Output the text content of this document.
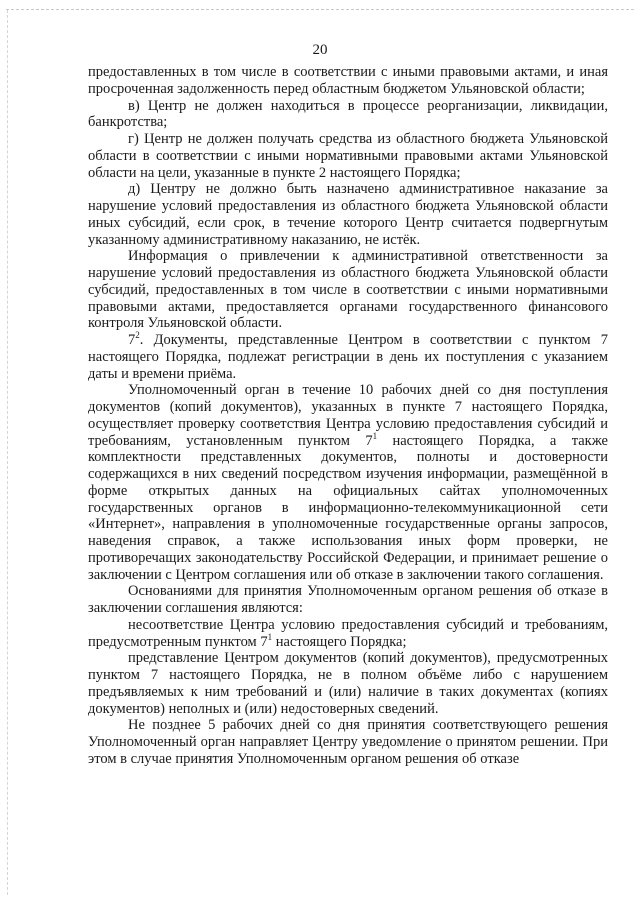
20

предоставленных в том числе в соответствии с иными правовыми актами, и иная просроченная задолженность перед областным бюджетом Ульяновской области;

в) Центр не должен находиться в процессе реорганизации, ликвидации, банкротства;

г) Центр не должен получать средства из областного бюджета Ульяновской области в соответствии с иными нормативными правовыми актами Ульяновской области на цели, указанные в пункте 2 настоящего Порядка;

д) Центру не должно быть назначено административное наказание за нарушение условий предоставления из областного бюджета Ульяновской области иных субсидий, если срок, в течение которого Центр считается подвергнутым указанному административному наказанию, не истёк.

Информация о привлечении к административной ответственности за нарушение условий предоставления из областного бюджета Ульяновской области субсидий, предоставленных в том числе в соответствии с иными нормативными правовыми актами, предоставляется органами государственного финансового контроля Ульяновской области.

$7^2$. Документы, представленные Центром в соответствии с пунктом 7 настоящего Порядка, подлежат регистрации в день их поступления с указанием даты и времени приёма.

Уполномоченный орган в течение 10 рабочих дней со дня поступления документов (копий документов), указанных в пункте 7 настоящего Порядка, осуществляет проверку соответствия Центра условию предоставления субсидий и требованиям, установленным пунктом $7^1$ настоящего Порядка, а также комплектности представленных документов, полноты и достоверности содержащихся в них сведений посредством изучения информации, размещённой в форме открытых данных на официальных сайтах уполномоченных государственных органов в информационно-телекоммуникационной сети «Интернет», направления в уполномоченные государственные органы запросов, наведения справок, а также использования иных форм проверки, не противоречащих законодательству Российской Федерации, и принимает решение о заключении с Центром соглашения или об отказе в заключении такого соглашения.

Основаниями для принятия Уполномоченным органом решения об отказе в заключении соглашения являются:

несоответствие Центра условию предоставления субсидий и требованиям, предусмотренным пунктом $7^1$ настоящего Порядка;

представление Центром документов (копий документов), предусмотренных пунктом 7 настоящего Порядка, не в полном объёме либо с нарушением предъявляемых к ним требований и (или) наличие в таких документах (копиях документов) неполных и (или) недостоверных сведений.

Не позднее 5 рабочих дней со дня принятия соответствующего решения Уполномоченный орган направляет Центру уведомление о принятом решении. При этом в случае принятия Уполномоченным органом решения об отказе
